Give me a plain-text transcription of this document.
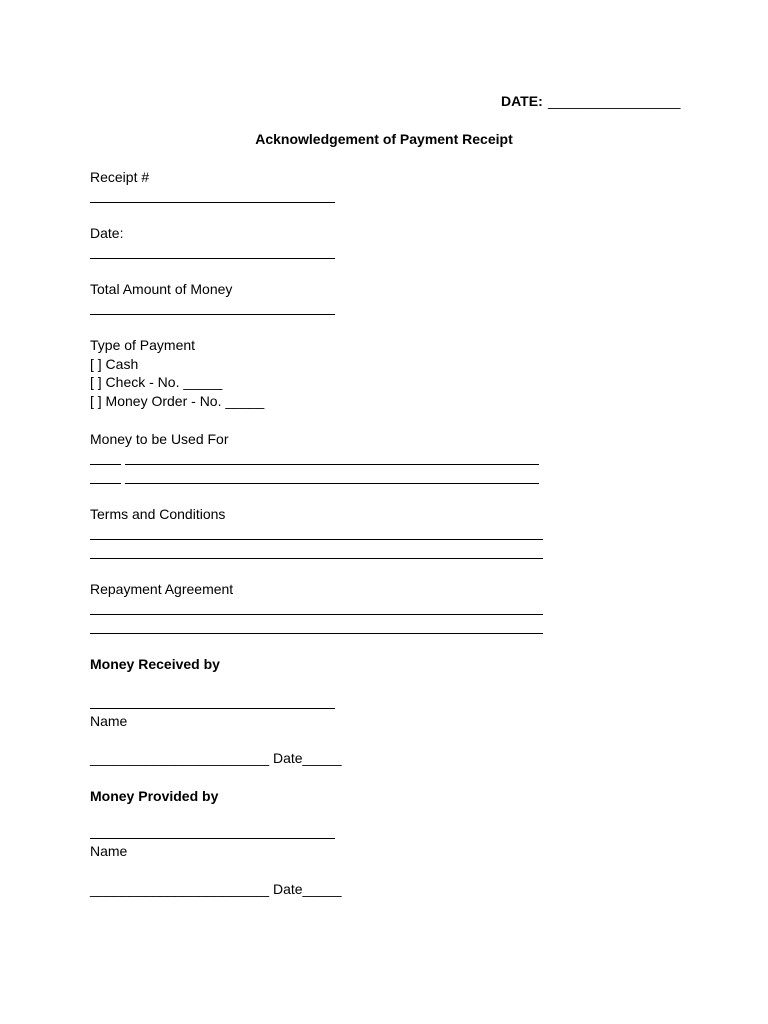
DATE: _________________
Acknowledgement of Payment Receipt
Receipt #
Date:
Total Amount of Money
Type of Payment
[ ] Cash
[ ] Check - No. _____
[ ] Money Order - No. _____
Money to be Used For
Terms and Conditions
Repayment Agreement
Money Received by
Name
_______________________ Date_____
Money Provided by
Name
_______________________ Date_____
